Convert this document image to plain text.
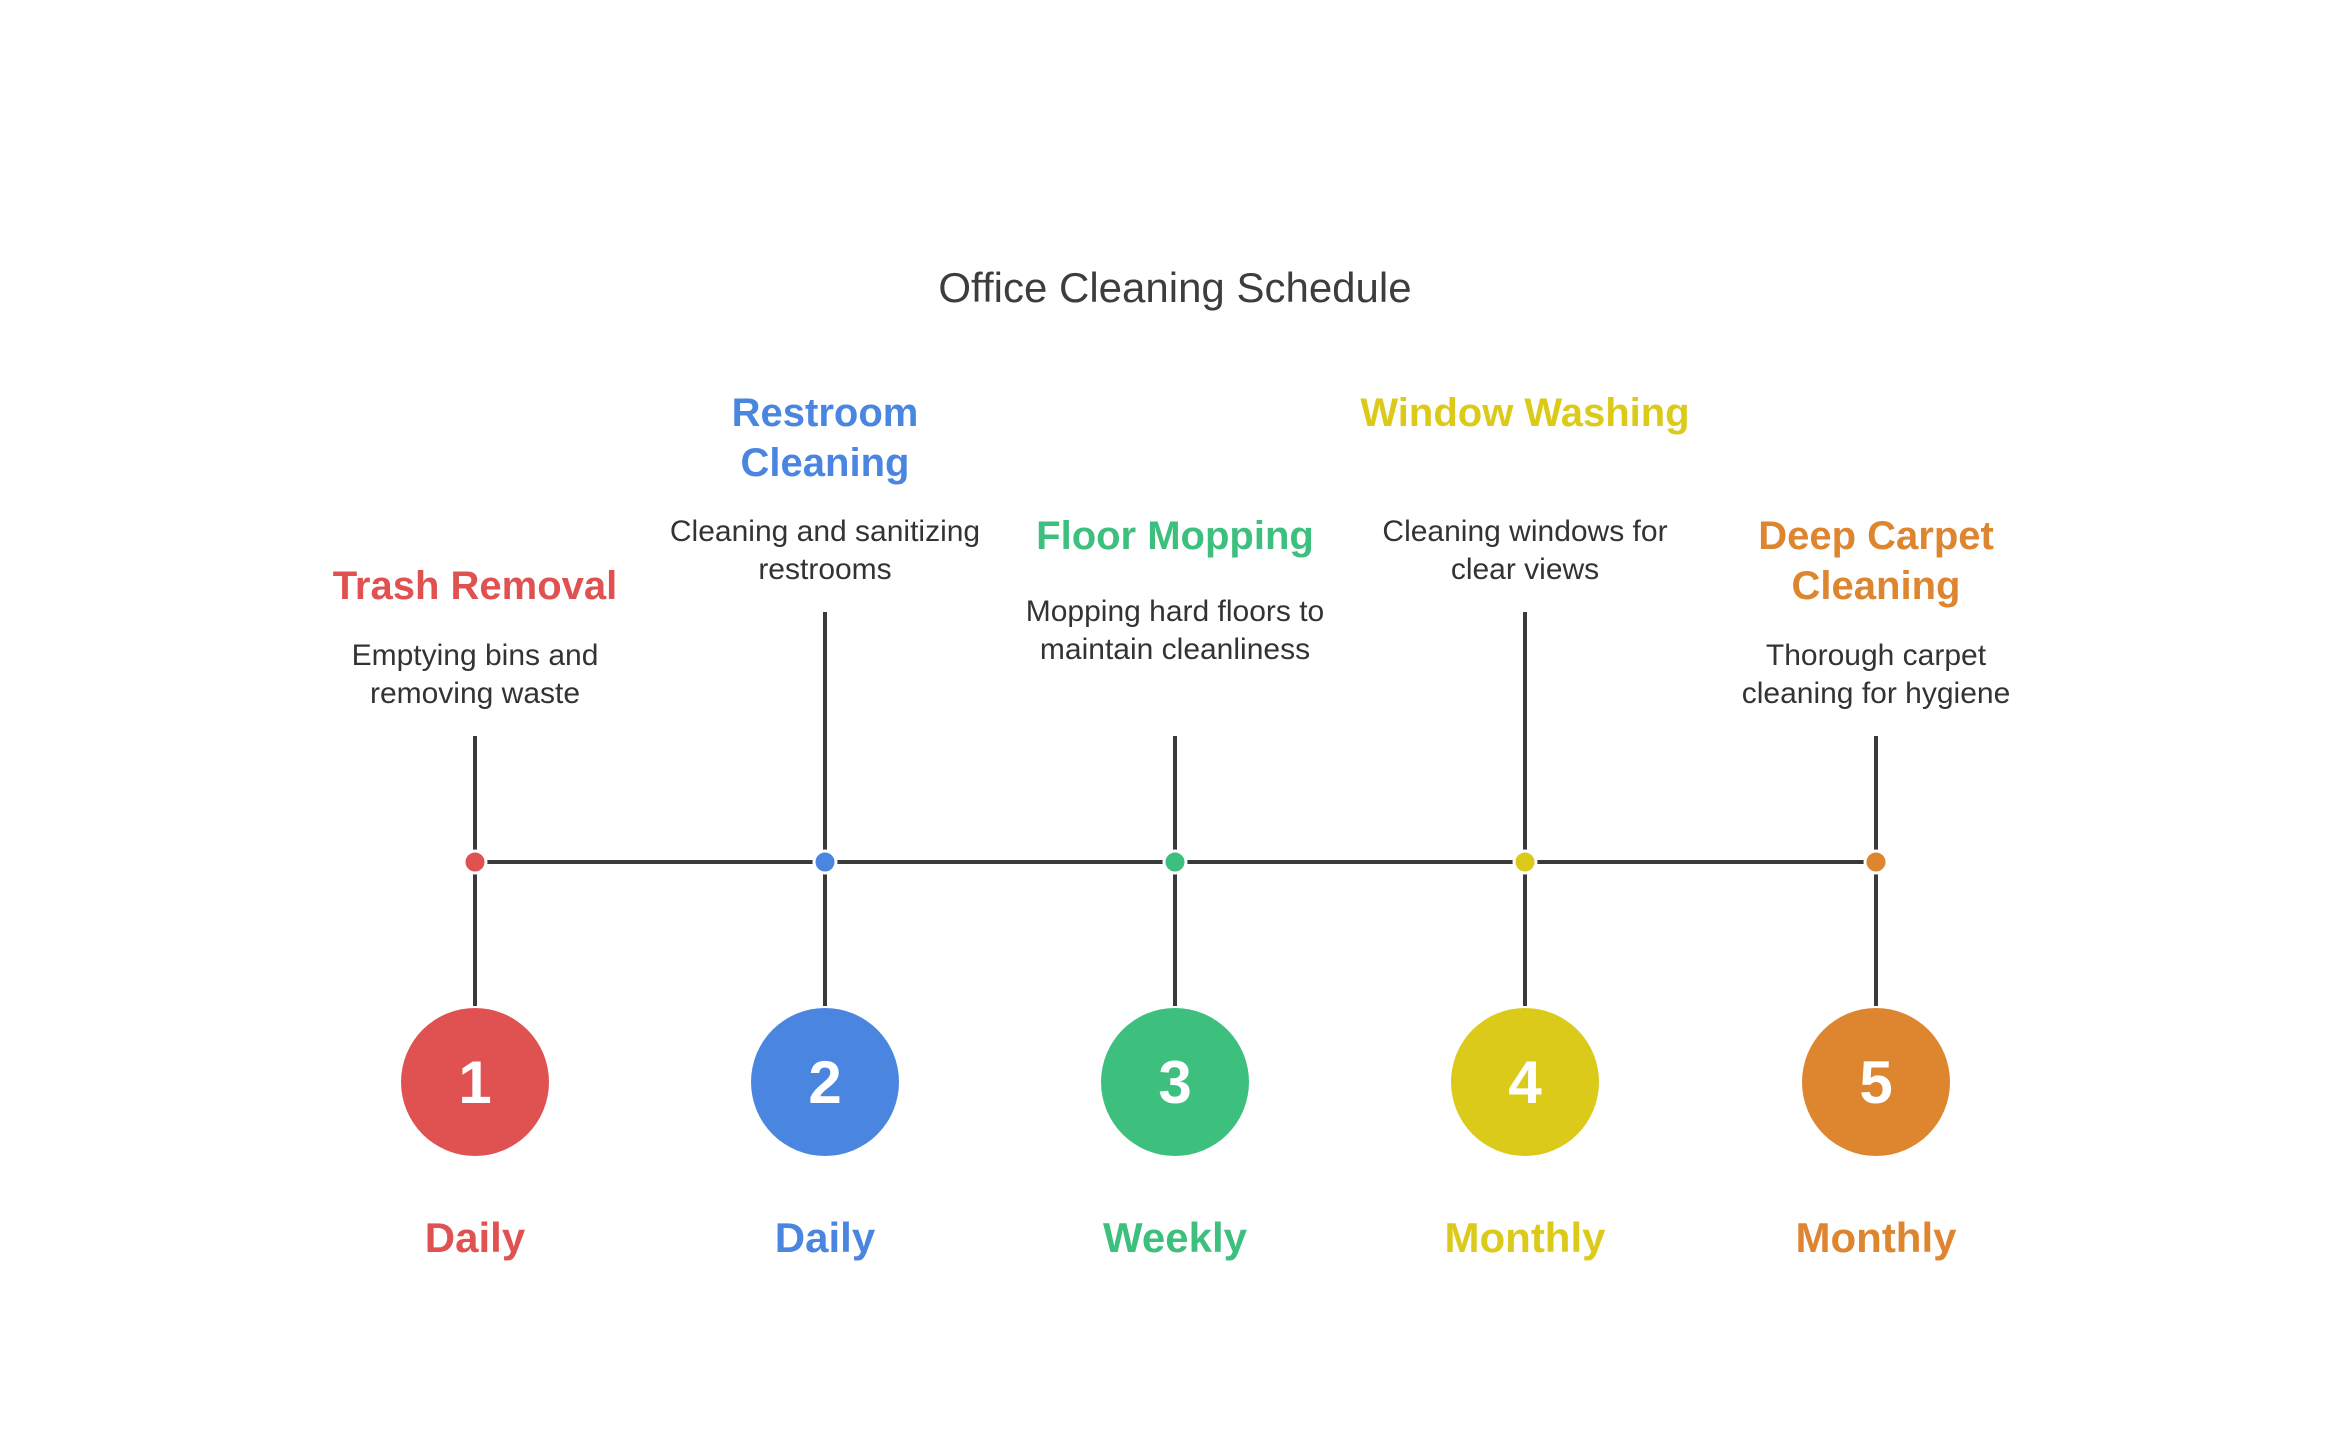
Office Cleaning Schedule
Trash Removal
Emptying bins and removing waste
1
Daily
Restroom Cleaning
Cleaning and sanitizing restrooms
2
Daily
Floor Mopping
Mopping hard floors to maintain cleanliness
3
Weekly
Window Washing
Cleaning windows for clear views
4
Monthly
Deep Carpet Cleaning
Thorough carpet cleaning for hygiene
5
Monthly
